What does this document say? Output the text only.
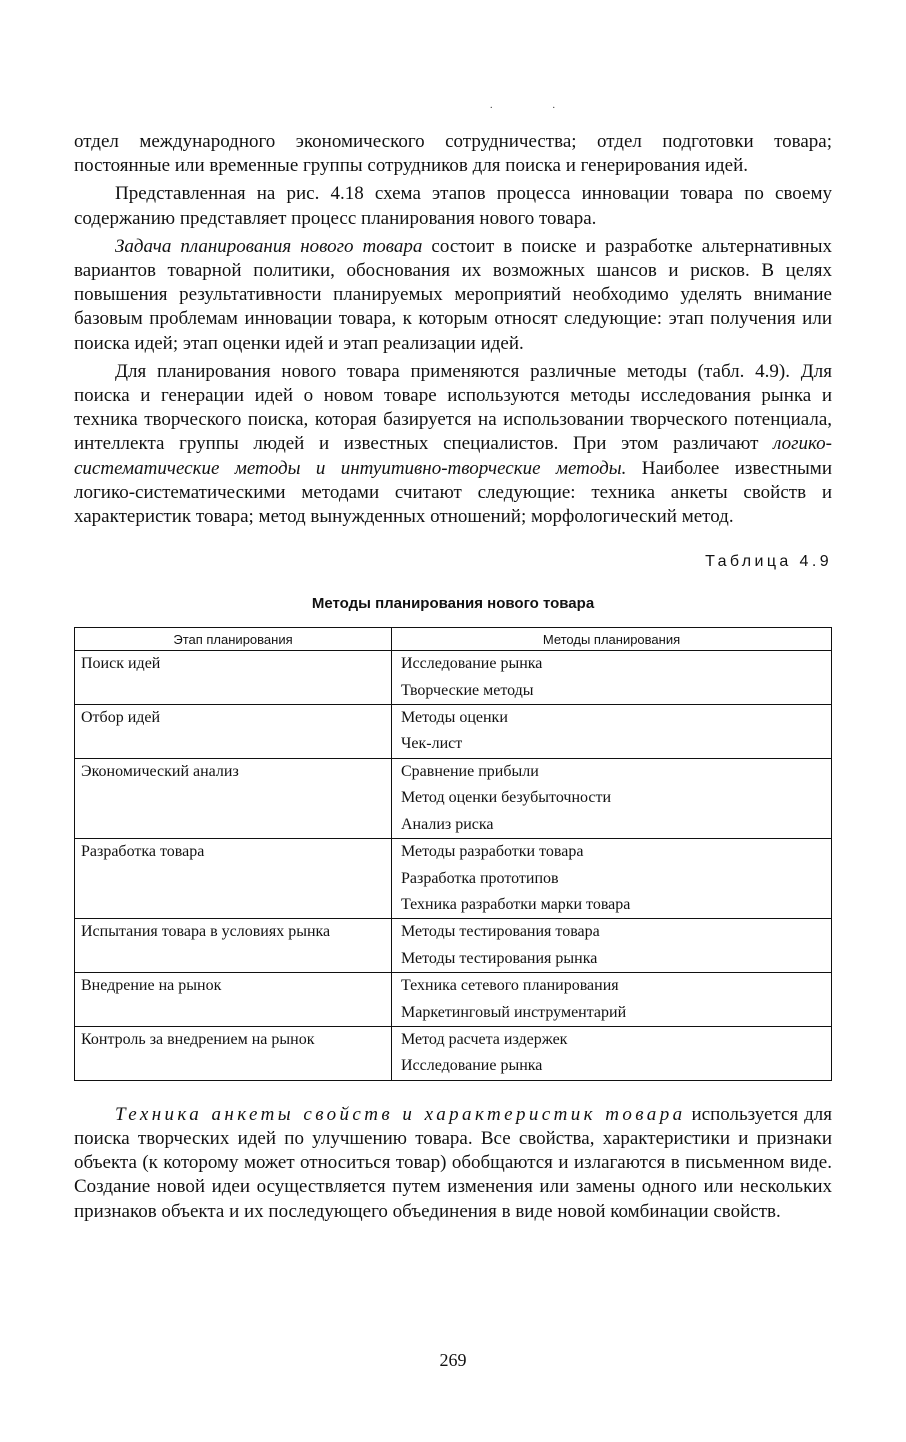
..

отдел международного экономического сотрудничества; отдел подготовки товара; постоянные или временные группы сотрудников для поиска и генерирования идей.

Представленная на рис. 4.18 схема этапов процесса инновации товара по своему содержанию представляет процесс планирования нового товара.

Задача планирования нового товара состоит в поиске и разработке альтернативных вариантов товарной политики, обоснования их возможных шансов и рисков. В целях повышения результативности планируемых мероприятий необходимо уделять внимание базовым проблемам инновации товара, к которым относят следующие: этап получения или поиска идей; этап оценки идей и этап реализации идей.

Для планирования нового товара применяются различные методы (табл. 4.9). Для поиска и генерации идей о новом товаре используются методы исследования рынка и техника творческого поиска, которая базируется на использовании творческого потенциала, интеллекта группы людей и известных специалистов. При этом различают логико-систематические методы и интуитивно-творческие методы. Наиболее известными логико-систематическими методами считают следующие: техника анкеты свойств и характеристик товара; метод вынужденных отношений; морфологический метод.

Таблица 4.9
Методы планирования нового товара
Этап планирования	Методы планирования
Поиск идей	Исследование рынка
	Творческие методы
Отбор идей	Методы оценки
	Чек-лист
Экономический анализ	Сравнение прибыли
	Метод оценки безубыточности
	Анализ риска
Разработка товара	Методы разработки товара
	Разработка прототипов
	Техника разработки марки товара
Испытания товара в условиях рынка	Методы тестирования товара
	Методы тестирования рынка
Внедрение на рынок	Техника сетевого планирования
	Маркетинговый инструментарий
Контроль за внедрением на рынок	Метод расчета издержек
	Исследование рынка

Техника анкеты свойств и характеристик товара используется для поиска творческих идей по улучшению товара. Все свойства, характеристики и признаки объекта (к которому может относиться товар) обобщаются и излагаются в письменном виде. Создание новой идеи осуществляется путем изменения или замены одного или нескольких признаков объекта и их последующего объединения в виде новой комбинации свойств.

269
